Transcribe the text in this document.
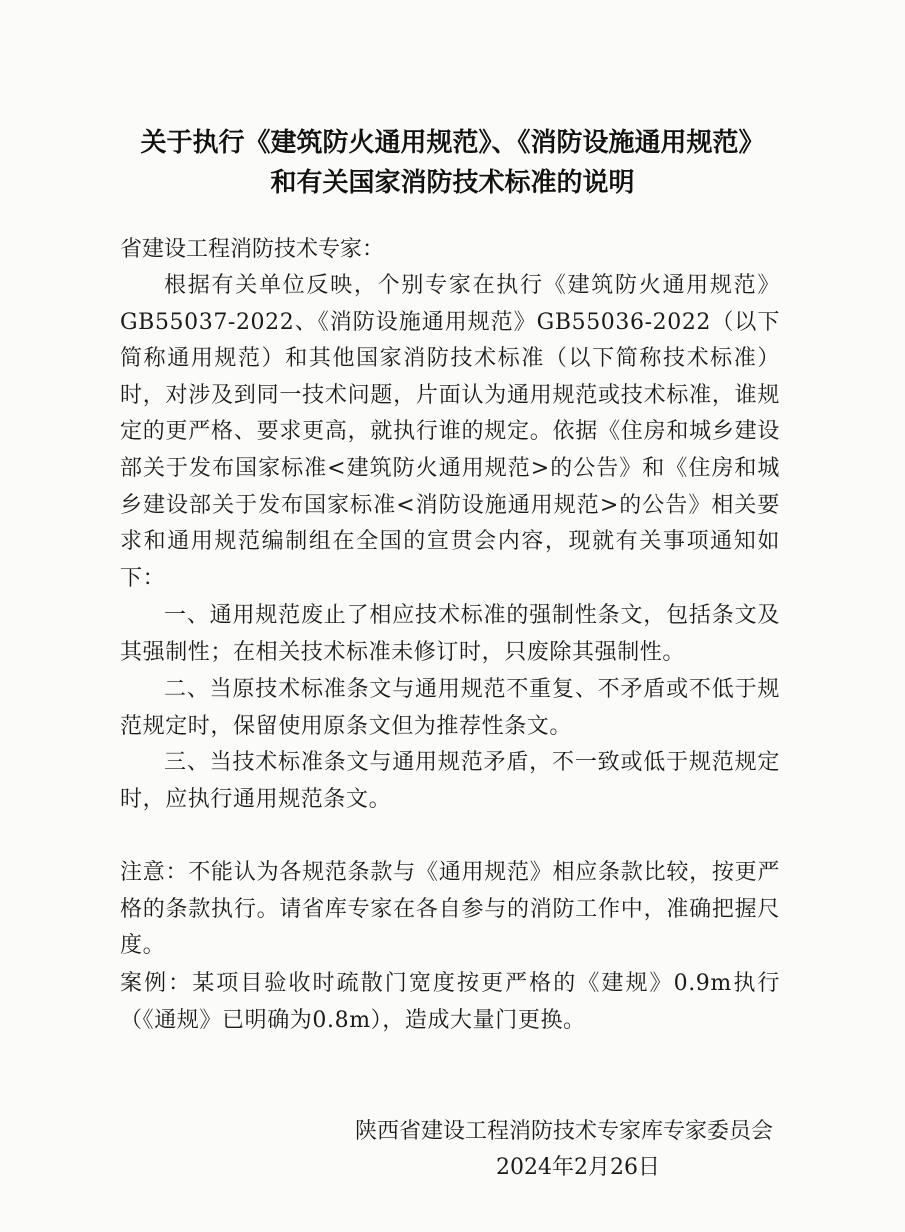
关于执行《建筑防火通用规范》、《消防设施通用规范》
和有关国家消防技术标准的说明
省建设工程消防技术专家：

根据有关单位反映，个别专家在执行《建筑防火通用规范》GB55037-2022、《消防设施通用规范》GB55036-2022（以下简称通用规范）和其他国家消防技术标准（以下简称技术标准）时，对涉及到同一技术问题，片面认为通用规范或技术标准，谁规定的更严格、要求更高，就执行谁的规定。依据《住房和城乡建设部关于发布国家标准<建筑防火通用规范>的公告》和《住房和城乡建设部关于发布国家标准<消防设施通用规范>的公告》相关要求和通用规范编制组在全国的宣贯会内容，现就有关事项通知如下：

一、通用规范废止了相应技术标准的强制性条文，包括条文及其强制性；在相关技术标准未修订时，只废除其强制性。

二、当原技术标准条文与通用规范不重复、不矛盾或不低于规范规定时，保留使用原条文但为推荐性条文。

三、当技术标准条文与通用规范矛盾，不一致或低于规范规定时，应执行通用规范条文。

注意：不能认为各规范条款与《通用规范》相应条款比较，按更严格的条款执行。请省库专家在各自参与的消防工作中，准确把握尺度。

案例：某项目验收时疏散门宽度按更严格的《建规》0.9m执行（《通规》已明确为0.8m），造成大量门更换。

陕西省建设工程消防技术专家库专家委员会
2024年2月26日
